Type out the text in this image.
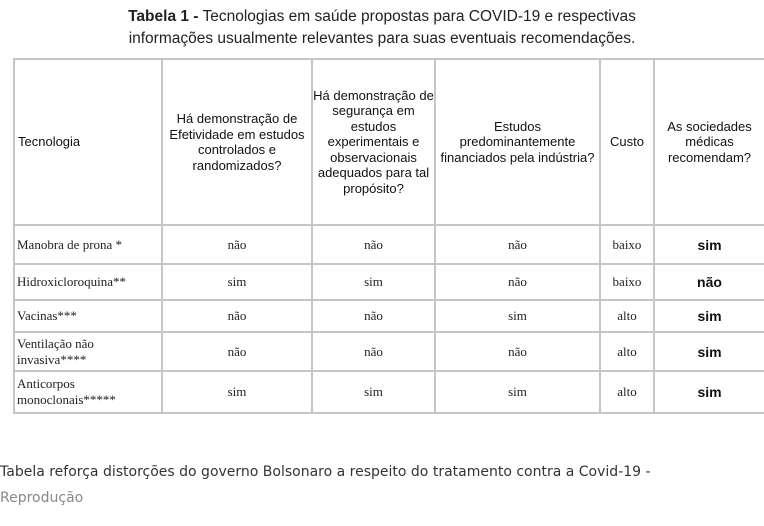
Tabela 1 - Tecnologias em saúde propostas para COVID-19 e respectivas
informações usualmente relevantes para suas eventuais recomendações.
Tecnologia	Há demonstração de Efetividade em estudos controlados e randomizados?	Há demonstração de segurança em estudos experimentais e observacionais adequados para tal propósito?	Estudos predominantemente financiados pela indústria?	Custo	As sociedades médicas recomendam?
Manobra de prona *	não	não	não	baixo	sim
Hidroxicloroquina**	sim	sim	não	baixo	não
Vacinas***	não	não	sim	alto	sim
Ventilação não invasiva****	não	não	não	alto	sim
Anticorpos monoclonais*****	sim	sim	sim	alto	sim
Tabela reforça distorções do governo Bolsonaro a respeito do tratamento contra a Covid-19 -
Reprodução
